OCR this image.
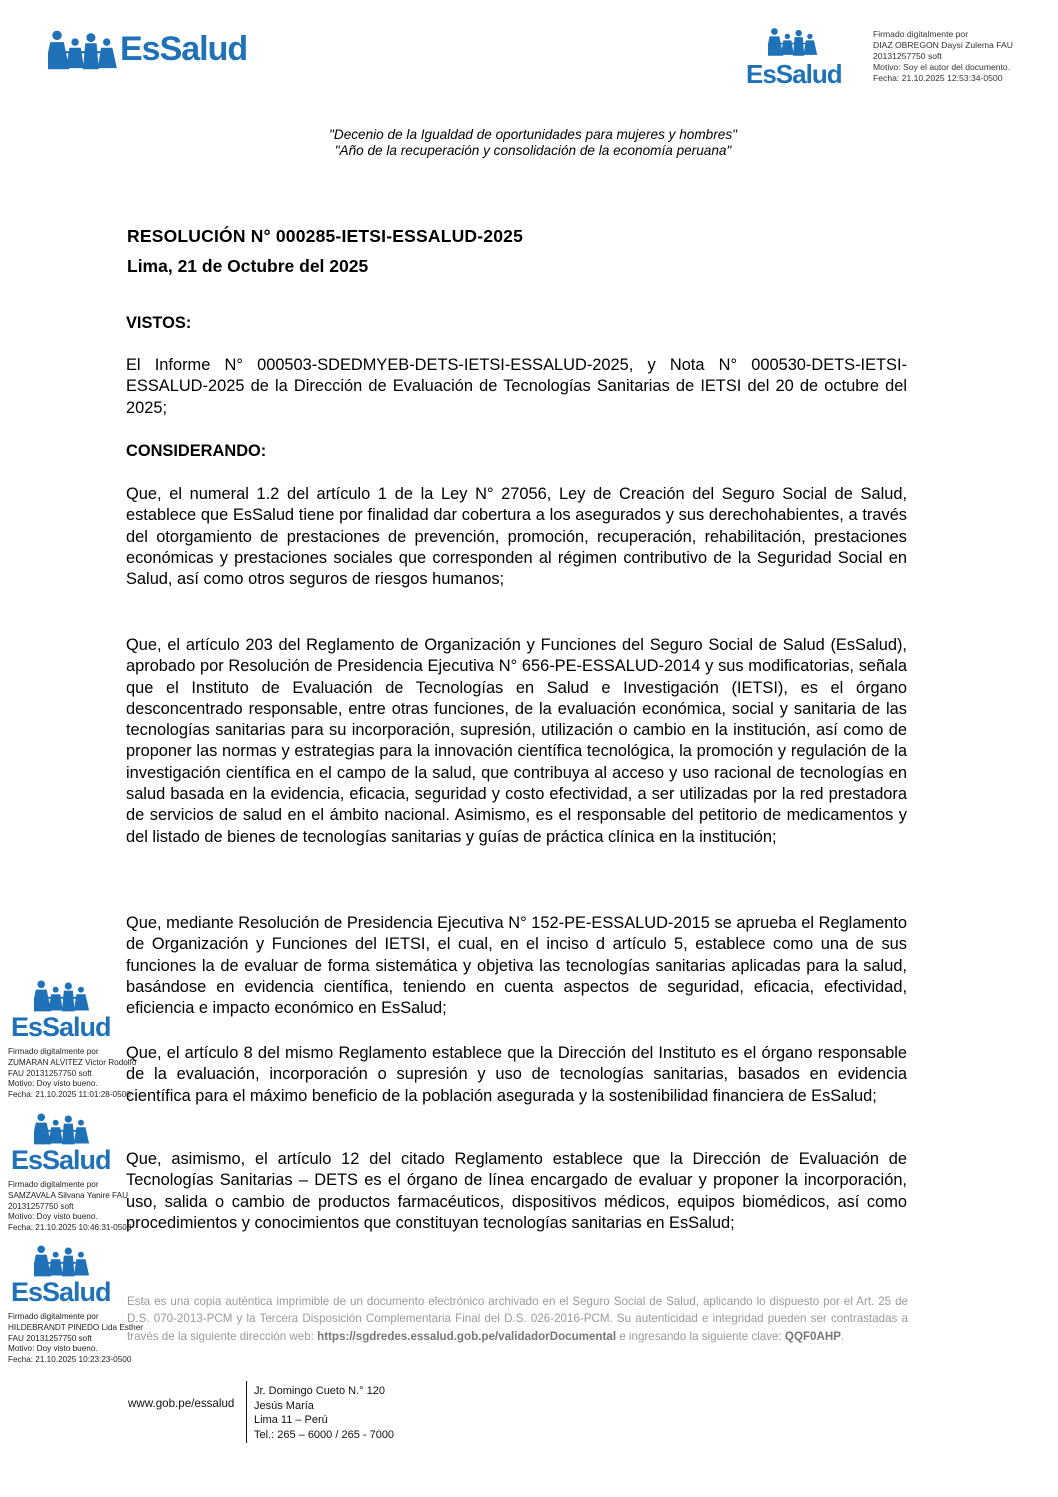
EsSalud
EsSalud
Firmado digitalmente por
DIAZ OBREGON Daysi Zulema FAU
20131257750 soft
Motivo: Soy el autor del documento.
Fecha: 21.10.2025 12:53:34-0500
"Decenio de la Igualdad de oportunidades para mujeres y hombres"
"Año de la recuperación y consolidación de la economía peruana"
RESOLUCIÓN N° 000285-IETSI-ESSALUD-2025
Lima, 21 de Octubre del 2025
VISTOS:
El Informe N° 000503-SDEDMYEB-DETS-IETSI-ESSALUD-2025, y Nota N° 000530-DETS-IETSI-ESSALUD-2025 de la Dirección de Evaluación de Tecnologías Sanitarias de IETSI del 20 de octubre del 2025;
CONSIDERANDO:
Que, el numeral 1.2 del artículo 1 de la Ley N° 27056, Ley de Creación del Seguro Social de Salud, establece que EsSalud tiene por finalidad dar cobertura a los asegurados y sus derechohabientes, a través del otorgamiento de prestaciones de prevención, promoción, recuperación, rehabilitación, prestaciones económicas y prestaciones sociales que corresponden al régimen contributivo de la Seguridad Social en Salud, así como otros seguros de riesgos humanos;
Que, el artículo 203 del Reglamento de Organización y Funciones del Seguro Social de Salud (EsSalud), aprobado por Resolución de Presidencia Ejecutiva N° 656-PE-ESSALUD-2014 y sus modificatorias, señala que el Instituto de Evaluación de Tecnologías en Salud e Investigación (IETSI), es el órgano desconcentrado responsable, entre otras funciones, de la evaluación económica, social y sanitaria de las tecnologías sanitarias para su incorporación, supresión, utilización o cambio en la institución, así como de proponer las normas y estrategias para la innovación científica tecnológica, la promoción y regulación de la investigación científica en el campo de la salud, que contribuya al acceso y uso racional de tecnologías en salud basada en la evidencia, eficacia, seguridad y costo efectividad, a ser utilizadas por la red prestadora de servicios de salud en el ámbito nacional. Asimismo, es el responsable del petitorio de medicamentos y del listado de bienes de tecnologías sanitarias y guías de práctica clínica en la institución;
Que, mediante Resolución de Presidencia Ejecutiva N° 152-PE-ESSALUD-2015 se aprueba el Reglamento de Organización y Funciones del IETSI, el cual, en el inciso d artículo 5, establece como una de sus funciones la de evaluar de forma sistemática y objetiva las tecnologías sanitarias aplicadas para la salud, basándose en evidencia científica, teniendo en cuenta aspectos de seguridad, eficacia, efectividad, eficiencia e impacto económico en EsSalud;
Que, el artículo 8 del mismo Reglamento establece que la Dirección del Instituto es el órgano responsable de la evaluación, incorporación o supresión y uso de tecnologías sanitarias, basados en evidencia científica para el máximo beneficio de la población asegurada y la sostenibilidad financiera de EsSalud;
Que, asimismo, el artículo 12 del citado Reglamento establece que la Dirección de Evaluación de Tecnologías Sanitarias – DETS es el órgano de línea encargado de evaluar y proponer la incorporación, uso, salida o cambio de productos farmacéuticos, dispositivos médicos, equipos biomédicos, así como procedimientos y conocimientos que constituyan tecnologías sanitarias en EsSalud;
EsSalud
Firmado digitalmente por
ZUMARAN ALVITEZ Victor Rodolfo
FAU 20131257750 soft
Motivo: Doy visto bueno.
Fecha: 21.10.2025 11:01:28-0500
EsSalud
Firmado digitalmente por
SAMZAVALA Silvana Yanire FAU
20131257750 soft
Motivo: Doy visto bueno.
Fecha: 21.10.2025 10:46:31-0500
EsSalud
Firmado digitalmente por
HILDEBRANDT PINEDO Lida Esther
FAU 20131257750 soft
Motivo: Doy visto bueno.
Fecha: 21.10.2025 10:23:23-0500
Esta es una copia auténtica imprimible de un documento electrónico archivado en el Seguro Social de Salud, aplicando lo dispuesto por el Art. 25 de D.S. 070-2013-PCM y la Tercera Disposición Complementaria Final del D.S. 026-2016-PCM. Su autenticidad e integridad pueden ser contrastadas a través de la siguiente dirección web: https://sgdredes.essalud.gob.pe/validadorDocumental e ingresando la siguiente clave: QQF0AHP.
www.gob.pe/essalud
Jr. Domingo Cueto N.° 120
Jesús María
Lima 11 – Perú
Tel.: 265 – 6000 / 265 - 7000
